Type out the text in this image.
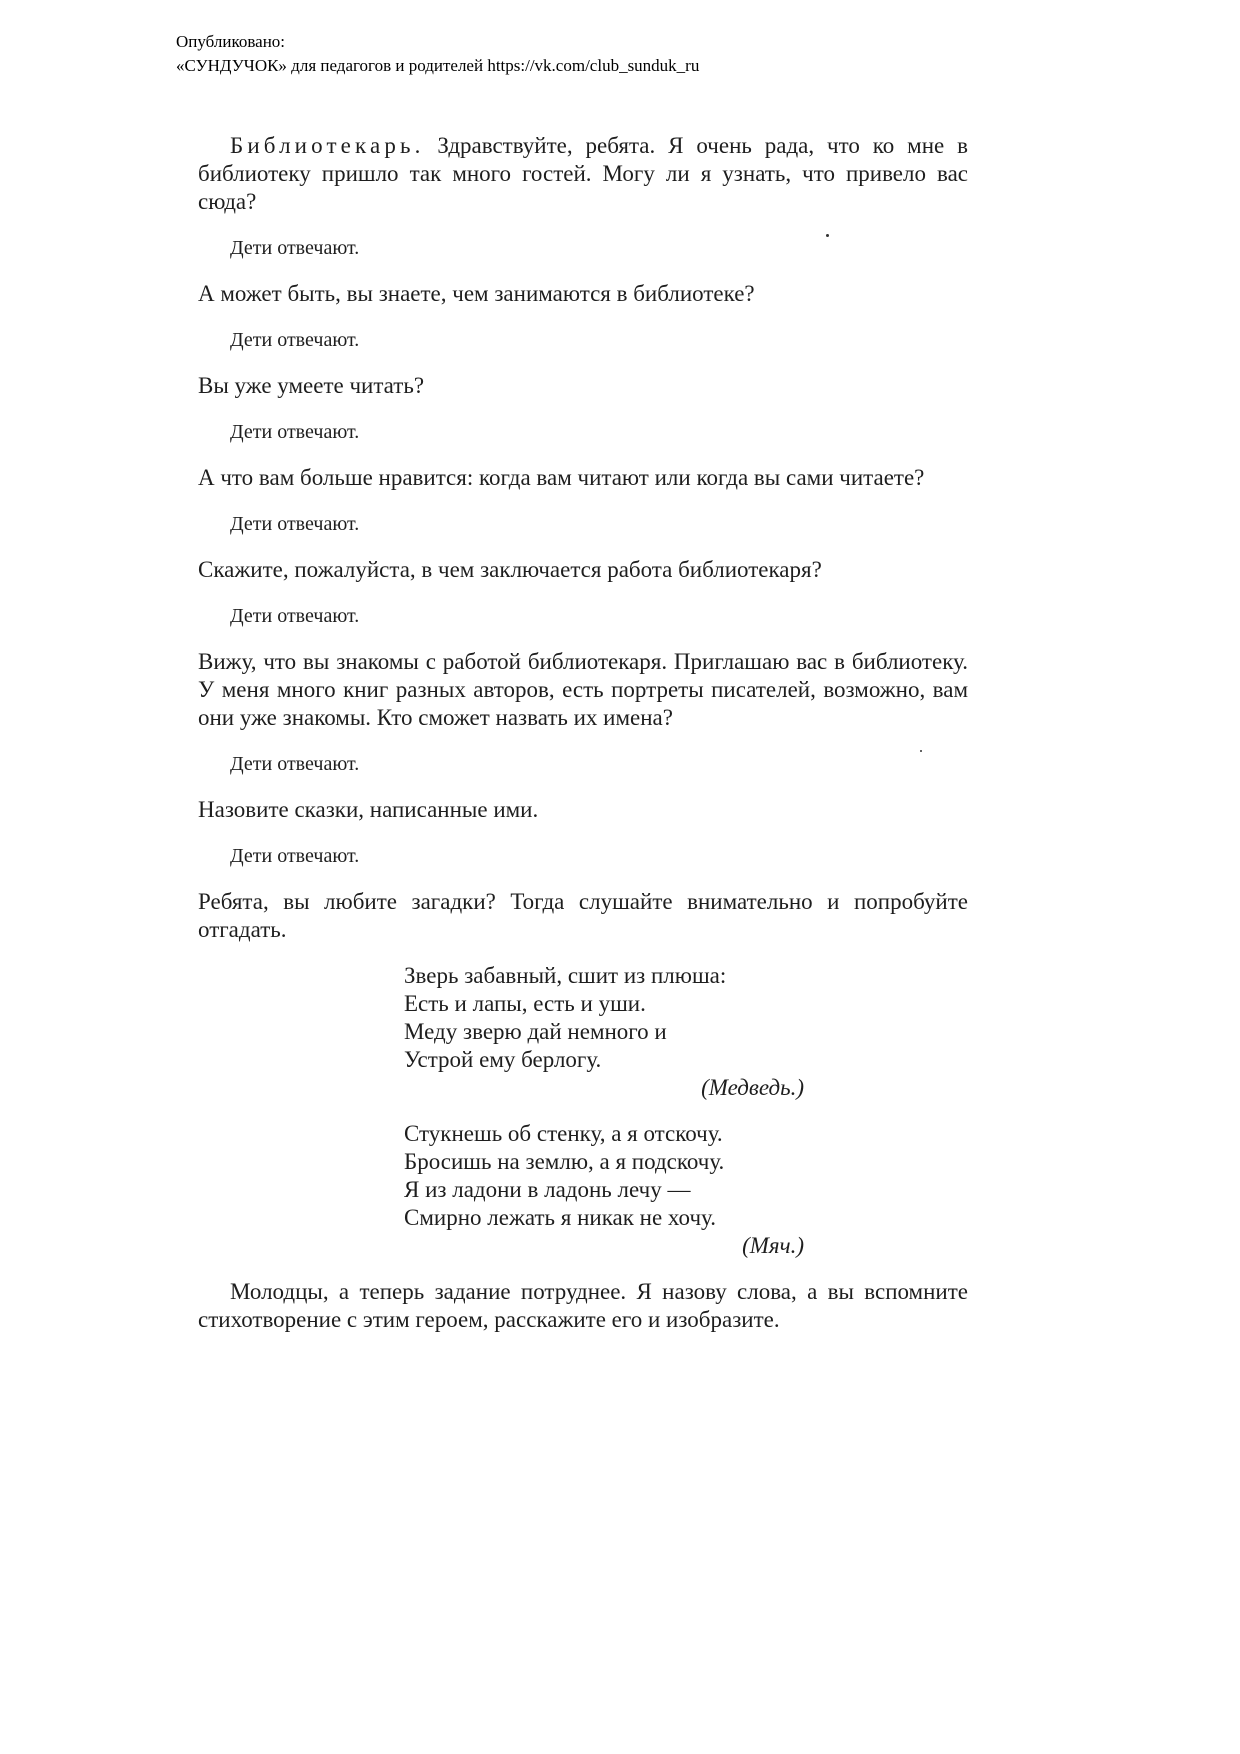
Опубликовано:
«СУНДУЧОК» для педагогов и родителей https://vk.com/club_sunduk_ru

Библиотекарь. Здравствуйте, ребята. Я очень рада, что ко мне в библиотеку пришло так много гостей. Могу ли я узнать, что привело вас сюда?

Дети отвечают.

А может быть, вы знаете, чем занимаются в библиотеке?

Дети отвечают.

Вы уже умеете читать?

Дети отвечают.

А что вам больше нравится: когда вам читают или когда вы сами читаете?

Дети отвечают.

Скажите, пожалуйста, в чем заключается работа библиотекаря?

Дети отвечают.

Вижу, что вы знакомы с работой библиотекаря. Приглашаю вас в библиотеку. У меня много книг разных авторов, есть портреты писателей, возможно, вам они уже знакомы. Кто сможет назвать их имена?

Дети отвечают.

Назовите сказки, написанные ими.

Дети отвечают.

Ребята, вы любите загадки? Тогда слушайте внимательно и попробуйте отгадать.

Зверь забавный, сшит из плюша:
Есть и лапы, есть и уши.
Меду зверю дай немного и
Устрой ему берлогу.
(Медведь.)
Стукнешь об стенку, а я отскочу.
Бросишь на землю, а я подскочу.
Я из ладони в ладонь лечу —
Смирно лежать я никак не хочу.
(Мяч.)

Молодцы, а теперь задание потруднее. Я назову слова, а вы вспомните стихотворение с этим героем, расскажите его и изобразите.
